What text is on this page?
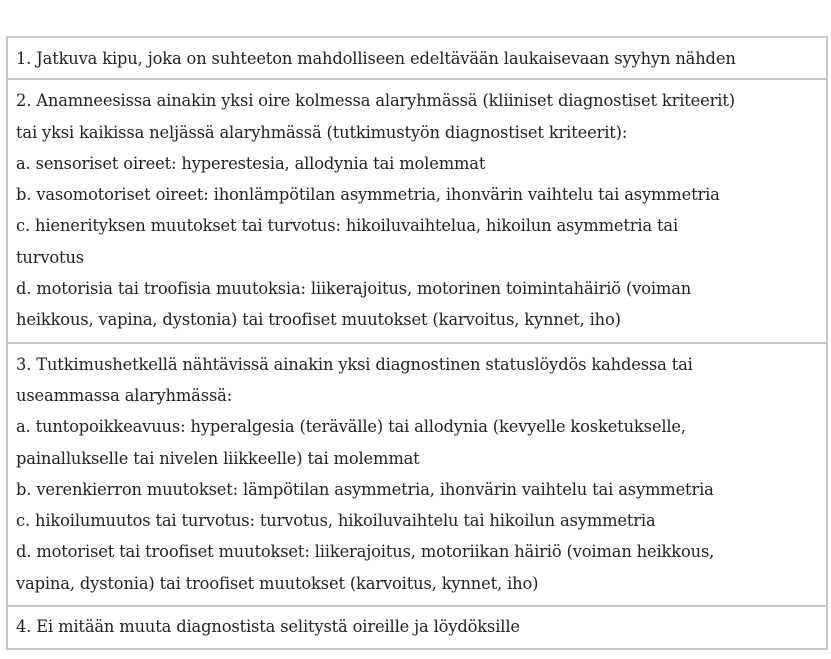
1. Jatkuva kipu, joka on suhteeton mahdolliseen edeltävään laukaisevaan syyhyn nähden
2. Anamneesissa ainakin yksi oire kolmessa alaryhmässä (kliiniset diagnostiset kriteerit)
tai yksi kaikissa neljässä alaryhmässä (tutkimustyön diagnostiset kriteerit):
a. sensoriset oireet: hyperestesia, allodynia tai molemmat
b. vasomotoriset oireet: ihonlämpötilan asymmetria, ihonvärin vaihtelu tai asymmetria
c. hienerityksen muutokset tai turvotus: hikoiluvaihtelua, hikoilun asymmetria tai
turvotus
d. motorisia tai troofisia muutoksia: liikerajoitus, motorinen toimintahäiriö (voiman
heikkous, vapina, dystonia) tai troofiset muutokset (karvoitus, kynnet, iho)
3. Tutkimushetkellä nähtävissä ainakin yksi diagnostinen statuslöydös kahdessa tai
useammassa alaryhmässä:
a. tuntopoikkeavuus: hyperalgesia (terävälle) tai allodynia (kevyelle kosketukselle,
painallukselle tai nivelen liikkeelle) tai molemmat
b. verenkierron muutokset: lämpötilan asymmetria, ihonvärin vaihtelu tai asymmetria
c. hikoilumuutos tai turvotus: turvotus, hikoiluvaihtelu tai hikoilun asymmetria
d. motoriset tai troofiset muutokset: liikerajoitus, motoriikan häiriö (voiman heikkous,
vapina, dystonia) tai troofiset muutokset (karvoitus, kynnet, iho)
4. Ei mitään muuta diagnostista selitystä oireille ja löydöksille
